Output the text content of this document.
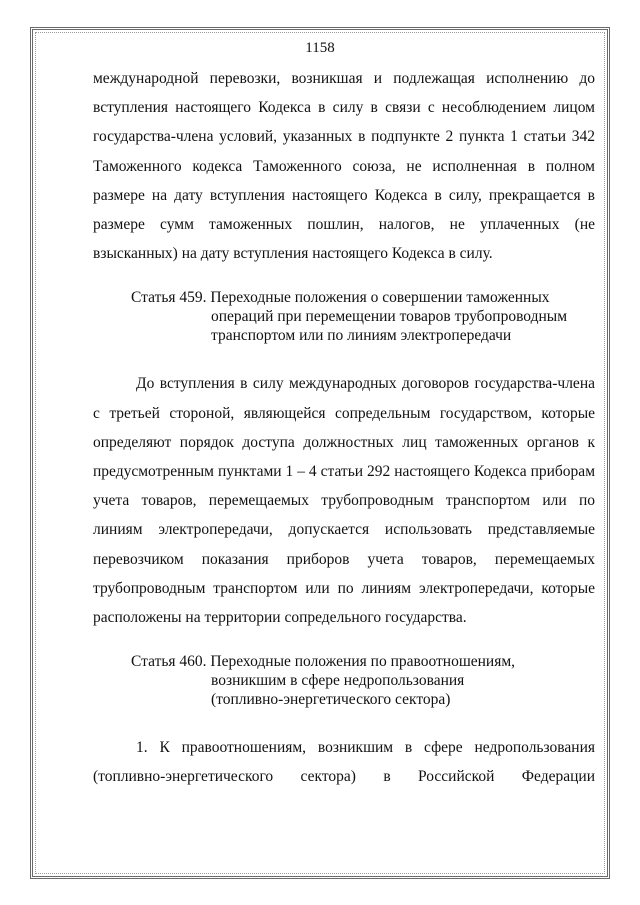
1158

международной перевозки, возникшая и подлежащая исполнению до вступления настоящего Кодекса в силу в связи с несоблюдением лицом государства-члена условий, указанных в подпункте 2 пункта 1 статьи 342 Таможенного кодекса Таможенного союза, не исполненная в полном размере на дату вступления настоящего Кодекса в силу, прекращается в размере сумм таможенных пошлин, налогов, не уплаченных (не взысканных) на дату вступления настоящего Кодекса в силу.

Статья 459. Переходные положения о совершении таможенных
операций при перемещении товаров трубопроводным
транспортом или по линиям электропередачи

До вступления в силу международных договоров государства-члена с третьей стороной, являющейся сопредельным государством, которые определяют порядок доступа должностных лиц таможенных органов к предусмотренным пунктами 1 – 4 статьи 292 настоящего Кодекса приборам учета товаров, перемещаемых трубопроводным транспортом или по линиям электропередачи, допускается использовать представляемые перевозчиком показания приборов учета товаров, перемещаемых трубопроводным транспортом или по линиям электропередачи, которые расположены на территории сопредельного государства.

Статья 460. Переходные положения по правоотношениям,
возникшим в сфере недропользования
(топливно-энергетического сектора)

1. К правоотношениям, возникшим в сфере недропользования (топливно-энергетического сектора) в Российской Федерации
